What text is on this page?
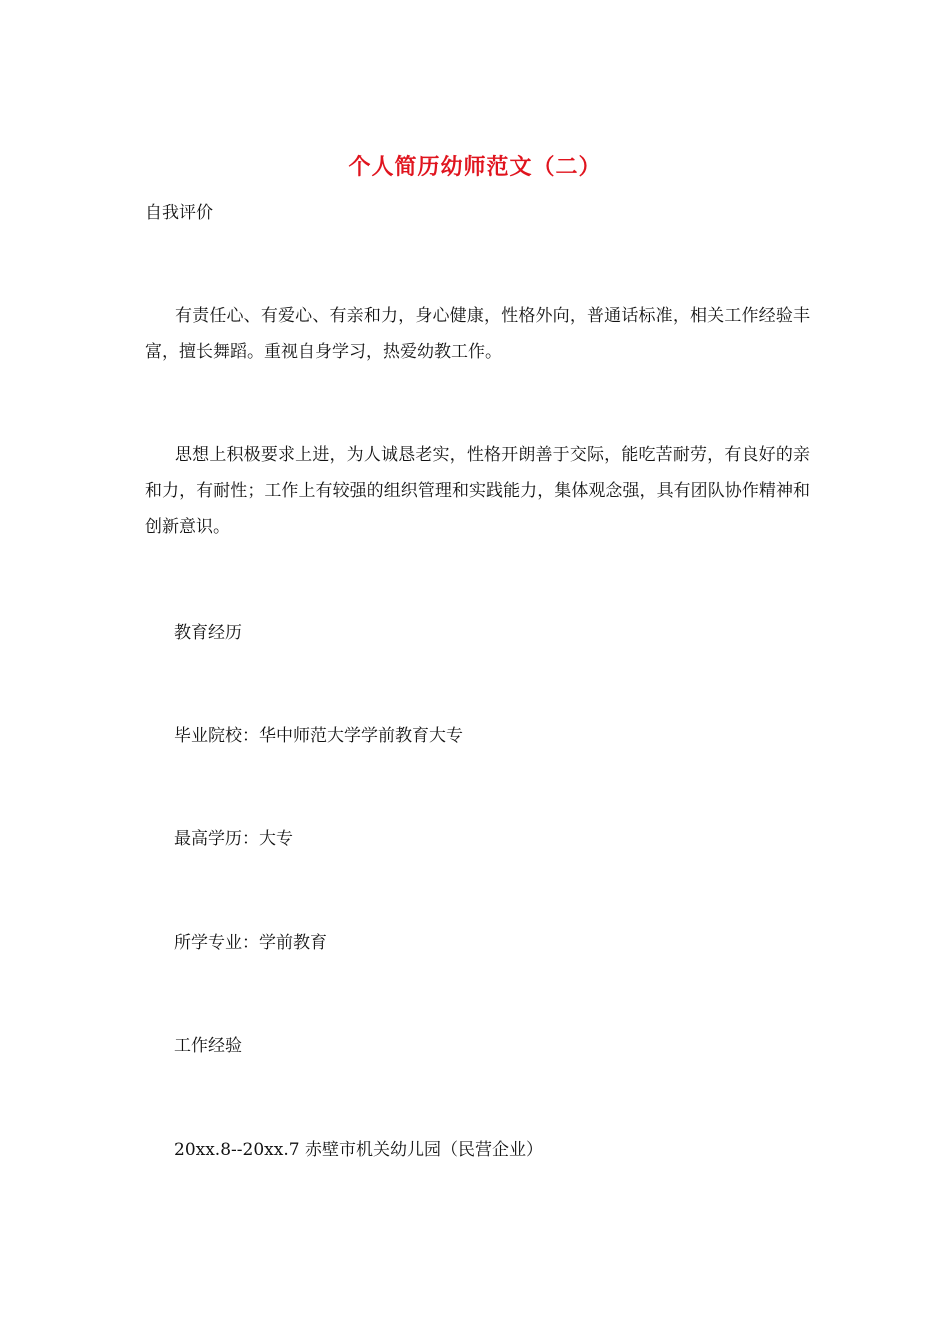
个人简历幼师范文（二）
自我评价
有责任心、有爱心、有亲和力，身心健康，性格外向，普通话标准，相关工作经验丰富，擅长舞蹈。重视自身学习，热爱幼教工作。
思想上积极要求上进，为人诚恳老实，性格开朗善于交际，能吃苦耐劳，有良好的亲和力，有耐性；工作上有较强的组织管理和实践能力，集体观念强，具有团队协作精神和创新意识。
教育经历
毕业院校：华中师范大学学前教育大专
最高学历：大专
所学专业：学前教育
工作经验
20xx.8--20xx.7 赤壁市机关幼儿园（民营企业）
